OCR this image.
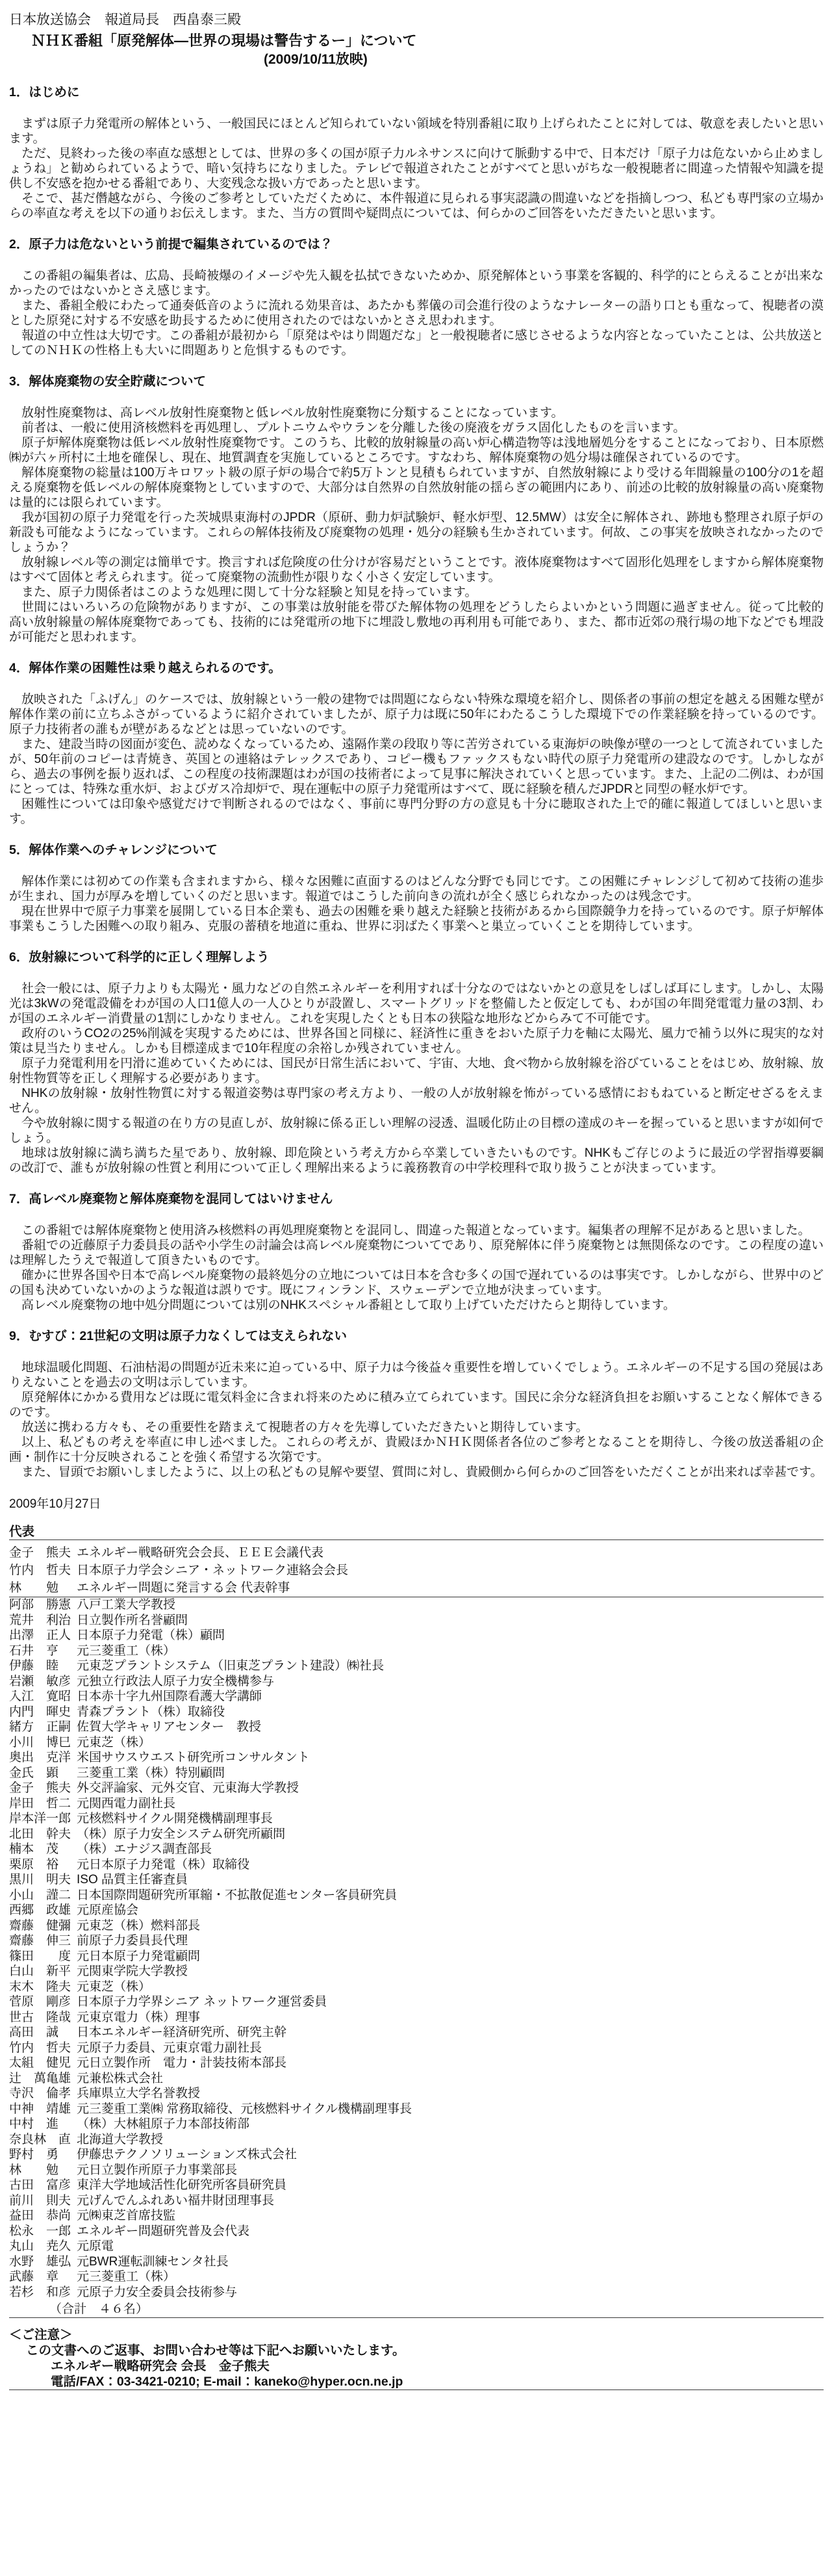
日本放送協会　報道局長　西畠泰三殿
ＮＨＫ番組「原発解体―世界の現場は警告するー」について
(2009/10/11放映)
1．はじめに
　まずは原子力発電所の解体という、一般国民にほとんど知られていない領域を特別番組に取り上げられたことに対しては、敬意を表したいと思います。
　ただ、見終わった後の率直な感想としては、世界の多くの国が原子力ルネサンスに向けて脈動する中で、日本だけ「原子力は危ないから止めましょうね」と勧められているようで、暗い気持ちになりました。テレビで報道されたことがすべてと思いがちな一般視聴者に間違った情報や知識を提供し不安感を抱かせる番組であり、大変残念な扱い方であったと思います。
　そこで、甚だ僭越ながら、今後のご参考としていただくために、本件報道に見られる事実認識の間違いなどを指摘しつつ、私ども専門家の立場からの率直な考えを以下の通りお伝えします。また、当方の質問や疑問点については、何らかのご回答をいただきたいと思います。
2．原子力は危ないという前提で編集されているのでは？
　この番組の編集者は、広島、長崎被爆のイメージや先入観を払拭できないためか、原発解体という事業を客観的、科学的にとらえることが出来なかったのではないかとさえ感じます。
　また、番組全般にわたって通奏低音のように流れる効果音は、あたかも葬儀の司会進行役のようなナレーターの語り口とも重なって、視聴者の漠とした原発に対する不安感を助長するために使用されたのではないかとさえ思われます。
　報道の中立性は大切です。この番組が最初から「原発はやはり問題だな」と一般視聴者に感じさせるような内容となっていたことは、公共放送としてのＮＨＫの性格上も大いに問題ありと危惧するものです。
3．解体廃棄物の安全貯蔵について
　放射性廃棄物は、高レベル放射性廃棄物と低レベル放射性廃棄物に分類することになっています。
　前者は、一般に使用済核燃料を再処理し、プルトニウムやウランを分離した後の廃液をガラス固化したものを言います。
　原子炉解体廃棄物は低レベル放射性廃棄物です。このうち、比較的放射線量の高い炉心構造物等は浅地層処分をすることになっており、日本原燃㈱が六ヶ所村に土地を確保し、現在、地質調査を実施しているところです。すなわち、解体廃棄物の処分場は確保されているのです。
　解体廃棄物の総量は100万キロワット級の原子炉の場合で約5万トンと見積もられていますが、自然放射線により受ける年間線量の100分の1を超える廃棄物を低レベルの解体廃棄物としていますので、大部分は自然界の自然放射能の揺らぎの範囲内にあり、前述の比較的放射線量の高い廃棄物は量的には限られています。
　我が国初の原子力発電を行った茨城県東海村のJPDR（原研、動力炉試験炉、軽水炉型、12.5MW）は安全に解体され、跡地も整理され原子炉の新設も可能なようになっています。これらの解体技術及び廃棄物の処理・処分の経験も生かされています。何故、この事実を放映されなかったのでしょうか？
　放射線レベル等の測定は簡単です。換言すれば危険度の仕分けが容易だということです。液体廃棄物はすべて固形化処理をしますから解体廃棄物はすべて固体と考えられます。従って廃棄物の流動性が限りなく小さく安定しています。
　また、原子力関係者はこのような処理に関して十分な経験と知見を持っています。
　世間にはいろいろの危険物がありますが、この事業は放射能を帯びた解体物の処理をどうしたらよいかという問題に過ぎません。従って比較的高い放射線量の解体廃棄物であっても、技術的には発電所の地下に埋設し敷地の再利用も可能であり、また、都市近郊の飛行場の地下などでも埋設が可能だと思われます。
4．解体作業の困難性は乗り越えられるのです。
　放映された「ふげん」のケースでは、放射線という一般の建物では問題にならない特殊な環境を紹介し、関係者の事前の想定を越える困難な壁が解体作業の前に立ちふさがっているように紹介されていましたが、原子力は既に50年にわたるこうした環境下での作業経験を持っているのです。原子力技術者の誰もが壁があるなどとは思っていないのです。
　また、建設当時の図面が変色、読めなくなっているため、遠隔作業の段取り等に苦労されている東海炉の映像が壁の一つとして流されていましたが、50年前のコピーは青焼き、英国との連絡はテレックスであり、コピー機もファックスもない時代の原子力発電所の建設なのです。しかしながら、過去の事例を振り返れば、この程度の技術課題はわが国の技術者によって見事に解決されていくと思っています。また、上記の二例は、わが国にとっては、特殊な重水炉、およびガス冷却炉で、現在運転中の原子力発電所はすべて、既に経験を積んだJPDRと同型の軽水炉です。
　困難性については印象や感覚だけで判断されるのではなく、事前に専門分野の方の意見も十分に聴取された上で的確に報道してほしいと思います。
5．解体作業へのチャレンジについて
　解体作業には初めての作業も含まれますから、様々な困難に直面するのはどんな分野でも同じです。この困難にチャレンジして初めて技術の進歩が生まれ、国力が厚みを増していくのだと思います。報道ではこうした前向きの流れが全く感じられなかったのは残念です。
　現在世界中で原子力事業を展開している日本企業も、過去の困難を乗り越えた経験と技術があるから国際競争力を持っているのです。原子炉解体事業もこうした困難への取り組み、克服の蓄積を地道に重ね、世界に羽ばたく事業へと巣立っていくことを期待しています。
6．放射線について科学的に正しく理解しよう
　社会一般には、原子力よりも太陽光・風力などの自然エネルギーを利用すれば十分なのではないかとの意見をしばしば耳にします。しかし、太陽光は3kWの発電設備をわが国の人口1億人の一人ひとりが設置し、スマートグリッドを整備したと仮定しても、わが国の年間発電電力量の3割、わが国のエネルギー消費量の1割にしかなりません。これを実現したくとも日本の狭隘な地形などからみて不可能です。
　政府のいうCO2の25%削減を実現するためには、世界各国と同様に、経済性に重きをおいた原子力を軸に太陽光、風力で補う以外に現実的な対策は見当たりません。しかも目標達成まで10年程度の余裕しか残されていません。
　原子力発電利用を円滑に進めていくためには、国民が日常生活において、宇宙、大地、食べ物から放射線を浴びていることをはじめ、放射線、放射性物質等を正しく理解する必要があります。
　NHKの放射線・放射性物質に対する報道姿勢は専門家の考え方より、一般の人が放射線を怖がっている感情におもねていると断定せざるをえません。
　今や放射線に関する報道の在り方の見直しが、放射線に係る正しい理解の浸透、温暖化防止の目標の達成のキーを握っていると思いますが如何でしょう。
　地球は放射線に満ち満ちた星であり、放射線、即危険という考え方から卒業していきたいものです。NHKもご存じのように最近の学習指導要綱の改訂で、誰もが放射線の性質と利用について正しく理解出来るように義務教育の中学校理科で取り扱うことが決まっています。
7．高レベル廃棄物と解体廃棄物を混同してはいけません
　この番組では解体廃棄物と使用済み核燃料の再処理廃棄物とを混同し、間違った報道となっています。編集者の理解不足があると思いました。
　番組での近藤原子力委員長の話や小学生の討論会は高レベル廃棄物についてであり、原発解体に伴う廃棄物とは無関係なのです。この程度の違いは理解したうえで報道して頂きたいものです。
　確かに世界各国や日本で高レベル廃棄物の最終処分の立地については日本を含む多くの国で遅れているのは事実です。しかしながら、世界中のどの国も決めていないかのような報道は誤りです。既にフィンランド、スウェーデンで立地が決まっています。
　高レベル廃棄物の地中処分問題については別のNHKスペシャル番組として取り上げていただけたらと期待しています。
9．むすび：21世紀の文明は原子力なくしては支えられない
　地球温暖化問題、石油枯渇の問題が近未来に迫っている中、原子力は今後益々重要性を増していくでしょう。エネルギーの不足する国の発展はありえないことを過去の文明は示しています。
　原発解体にかかる費用などは既に電気料金に含まれ将来のために積み立てられています。国民に余分な経済負担をお願いすることなく解体できるのです。
　放送に携わる方々も、その重要性を踏まえて視聴者の方々を先導していただきたいと期待しています。
　以上、私どもの考えを率直に申し述べました。これらの考えが、貴殿ほかＮＨＫ関係者各位のご参考となることを期待し、今後の放送番組の企画・制作に十分反映されることを強く希望する次第です。
　また、冒頭でお願いしましたように、以上の私どもの見解や要望、質問に対し、貴殿側から何らかのご回答をいただくことが出来れば幸甚です。
2009年10月27日
代表
金子　熊夫 エネルギー戦略研究会会長、ＥＥＥ会議代表
竹内　哲夫 日本原子力学会シニア・ネットワーク連絡会会長
林　　勉	エネルギー問題に発言する会 代表幹事
阿部　勝憲 八戸工業大学教授
荒井　利治 日立製作所名誉顧問
出澤　正人 日本原子力発電（株）顧問
石井　亨	元三菱重工（株）
伊藤　睦	元東芝プラントシステム（旧東芝プラント建設）㈱社長
岩瀬　敏彦 元独立行政法人原子力安全機構参与
入江　寛昭 日本赤十字九州国際看護大学講師
内門　暉史 青森プラント（株）取締役
緒方　正嗣 佐賀大学キャリアセンター　教授
小川　博巳 元東芝（株）
奥出　克洋 米国サウスウエスト研究所コンサルタント
金氏　顕	三菱重工業（株）特別顧問
金子　熊夫 外交評論家、元外交官、元東海大学教授
岸田　哲二 元関西電力副社長
岸本洋一郎 元核燃料サイクル開発機構副理事長
北田　幹夫 （株）原子力安全システム研究所顧問
楠本　茂	（株）エナジス調査部長
栗原　裕	元日本原子力発電（株）取締役
黒川　明夫 ISO 品質主任審査員
小山　謹二 日本国際問題研究所軍縮・不拡散促進センター客員研究員
西郷　政雄 元原産協会
齋藤　健彌 元東芝（株）燃料部長
齋藤　伸三 前原子力委員長代理
篠田　　度 元日本原子力発電顧問
白山　新平 元関東学院大学教授
末木　隆夫 元東芝（株）
菅原　剛彦 日本原子力学界シニア ネットワーク運営委員
世古　隆哉 元東京電力（株）理事
高田　誠	日本エネルギー経済研究所、研究主幹
竹内　哲夫 元原子力委員、元東京電力副社長
太組　健児 元日立製作所　電力・計装技術本部長
辻　萬亀雄 元兼松株式会社
寺沢　倫孝 兵庫県立大学名誉教授
中神　靖雄 元三菱重工業㈱ 常務取締役、元核燃料サイクル機構副理事長
中村　進	（株）大林組原子力本部技術部
奈良林　直 北海道大学教授
野村　勇	伊藤忠テクノソリューションズ株式会社
林　　勉	元日立製作所原子力事業部長
古田　富彦 東洋大学地域活性化研究所客員研究員
前川　則夫 元げんでんふれあい福井財団理事長
益田　恭尚 元㈱東芝首席技監
松永　一郎 エネルギー問題研究普及会代表
丸山　尭久 元原電
水野　雄弘 元BWR運転訓練センタ社長
武藤　章	元三菱重工（株）
若杉　和彦 元原子力安全委員会技術参与
（合計　４６名）
＜ご注意＞
この文書へのご返事、お問い合わせ等は下記へお願いいたします。
エネルギー戦略研究会 会長　金子熊夫
電話/FAX：03-3421-0210; E-mail：kaneko@hyper.ocn.ne.jp
